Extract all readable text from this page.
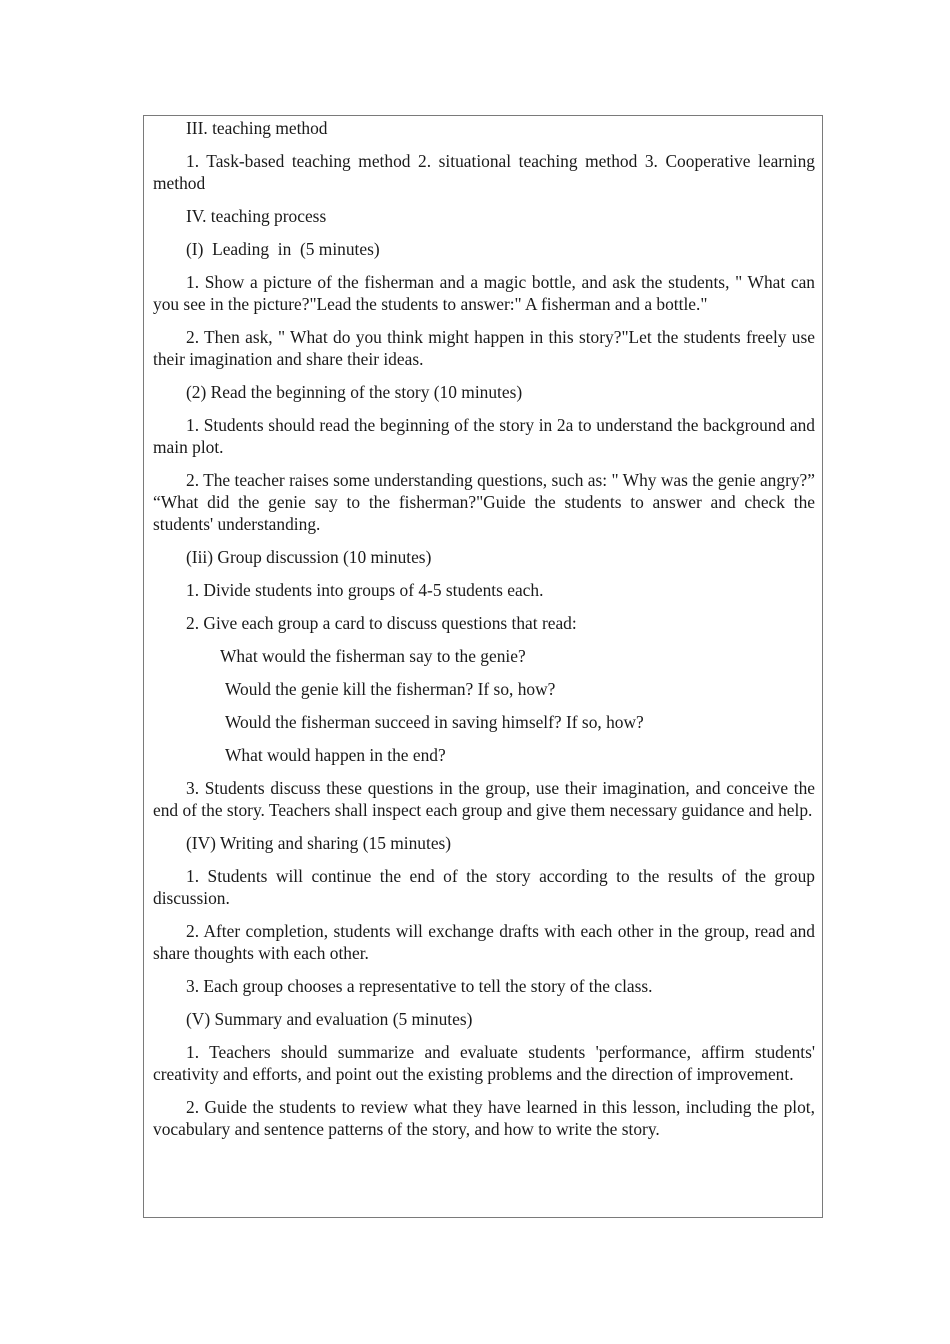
III. teaching method

1. Task-based teaching method 2. situational teaching method 3. Cooperative learning method

IV. teaching process

(I)  Leading  in  (5 minutes)

1. Show a picture of the fisherman and a magic bottle, and ask the students, " What can you see in the picture?"Lead the students to answer:" A fisherman and a bottle."

2. Then ask, " What do you think might happen in this story?"Let the students freely use their imagination and share their ideas.

(2) Read the beginning of the story (10 minutes)

1. Students should read the beginning of the story in 2a to understand the background and main plot.

2. The teacher raises some understanding questions, such as: " Why was the genie angry?” “What did the genie say to the fisherman?"Guide the students to answer and check the students' understanding.

(Iii) Group discussion (10 minutes)

1. Divide students into groups of 4-5 students each.

2. Give each group a card to discuss questions that read:

What would the fisherman say to the genie?

Would the genie kill the fisherman? If so, how?

Would the fisherman succeed in saving himself? If so, how?

What would happen in the end?

3. Students discuss these questions in the group, use their imagination, and conceive the end of the story. Teachers shall inspect each group and give them necessary guidance and help.

(IV) Writing and sharing (15 minutes)

1. Students will continue the end of the story according to the results of the group discussion.

2. After completion, students will exchange drafts with each other in the group, read and share thoughts with each other.

3. Each group chooses a representative to tell the story of the class.

(V) Summary and evaluation (5 minutes)

1. Teachers should summarize and evaluate students 'performance, affirm students' creativity and efforts, and point out the existing problems and the direction of improvement.

2. Guide the students to review what they have learned in this lesson, including the plot, vocabulary and sentence patterns of the story, and how to write the story.
